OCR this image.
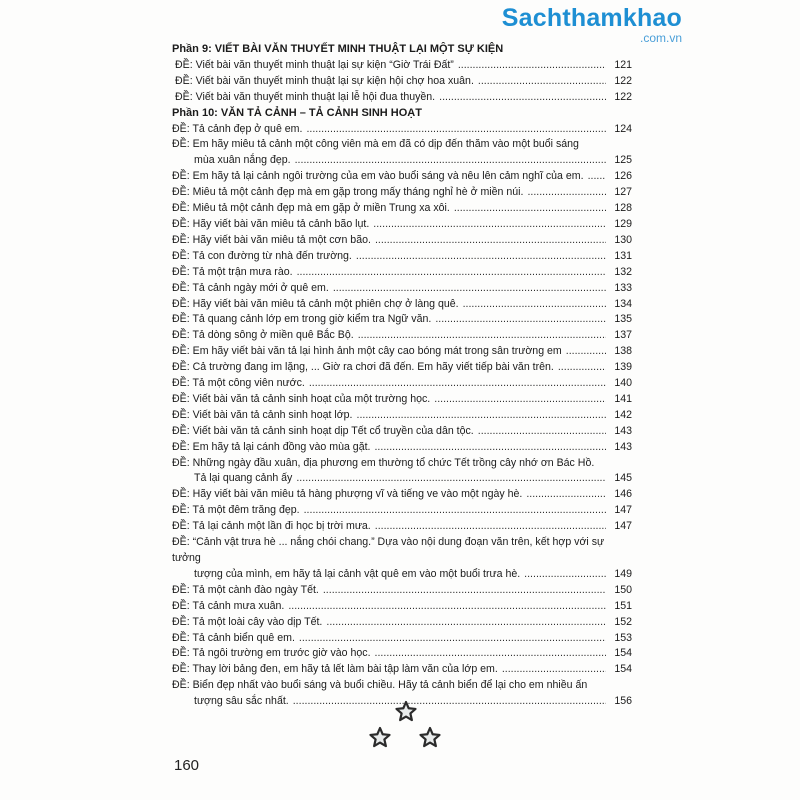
Sachthamkhao
.com.vn
Phần 9: VIẾT BÀI VĂN THUYẾT MINH THUẬT LẠI MỘT SỰ KIỆN
ĐỀ: Viết bài văn thuyết minh thuật lại sự kiện “Giờ Trái Đất” .....	121
ĐỀ: Viết bài văn thuyết minh thuật lại sự kiện hội chợ hoa xuân. .....	122
ĐỀ: Viết bài văn thuyết minh thuật lại lễ hội đua thuyền. .....	122
Phần 10: VĂN TẢ CẢNH – TẢ CẢNH SINH HOẠT
ĐỀ: Tả cảnh đẹp ở quê em. .....	124
ĐỀ: Em hãy miêu tả cảnh một công viên mà em đã có dịp đến thăm vào một buổi sáng
mùa xuân nắng đẹp. .....	125
ĐỀ: Em hãy tả lại cảnh ngôi trường của em vào buổi sáng và nêu lên cảm nghĩ của em. .....	126
ĐỀ: Miêu tả một cảnh đẹp mà em gặp trong mấy tháng nghỉ hè ở miền núi. .....	127
ĐỀ: Miêu tả một cảnh đẹp mà em gặp ở miền Trung xa xôi. .....	128
ĐỀ: Hãy viết bài văn miêu tả cảnh bão lụt. .....	129
ĐỀ: Hãy viết bài văn miêu tả một cơn bão. .....	130
ĐỀ: Tả con đường từ nhà đến trường. .....	131
ĐỀ: Tả một trận mưa rào. .....	132
ĐỀ: Tả cảnh ngày mới ở quê em. .....	133
ĐỀ: Hãy viết bài văn miêu tả cảnh một phiên chợ ở làng quê. .....	134
ĐỀ: Tả quang cảnh lớp em trong giờ kiểm tra Ngữ văn. .....	135
ĐỀ: Tả dòng sông ở miền quê Bắc Bộ. .....	137
ĐỀ: Em hãy viết bài văn tả lại hình ảnh một cây cao bóng mát trong sân trường em .....	138
ĐỀ: Cả trường đang im lặng, ... Giờ ra chơi đã đến. Em hãy viết tiếp bài văn trên. .....	139
ĐỀ: Tả một công viên nước. .....	140
ĐỀ: Viết bài văn tả cảnh sinh hoạt của một trường học. .....	141
ĐỀ: Viết bài văn tả cảnh sinh hoạt lớp. .....	142
ĐỀ: Viết bài văn tả cảnh sinh hoạt dịp Tết cổ truyền của dân tộc. .....	143
ĐỀ: Em hãy tả lại cánh đồng vào mùa gặt. .....	143
ĐỀ: Những ngày đầu xuân, địa phương em thường tổ chức Tết trồng cây nhớ ơn Bác Hồ.
Tả lại quang cảnh ấy .....	145
ĐỀ: Hãy viết bài văn miêu tả hàng phượng vĩ và tiếng ve vào một ngày hè. .....	146
ĐỀ: Tả một đêm trăng đẹp. .....	147
ĐỀ: Tả lại cảnh một lần đi học bị trời mưa. .....	147
ĐỀ: “Cảnh vật trưa hè ... nắng chói chang.” Dựa vào nội dung đoạn văn trên, kết hợp với sự tưởng
tượng của mình, em hãy tả lại cảnh vật quê em vào một buổi trưa hè. .....	149
ĐỀ: Tả một cành đào ngày Tết. .....	150
ĐỀ: Tả cảnh mưa xuân. .....	151
ĐỀ: Tả một loài cây vào dịp Tết. .....	152
ĐỀ: Tả cảnh biển quê em. .....	153
ĐỀ: Tả ngôi trường em trước giờ vào học. .....	154
ĐỀ: Thay lời bảng đen, em hãy tả lết làm bài tập làm văn của lớp em. .....	154
ĐỀ: Biển đẹp nhất vào buổi sáng và buổi chiều. Hãy tả cảnh biển để lại cho em nhiều ấn
tượng sâu sắc nhất. .....	156
160
